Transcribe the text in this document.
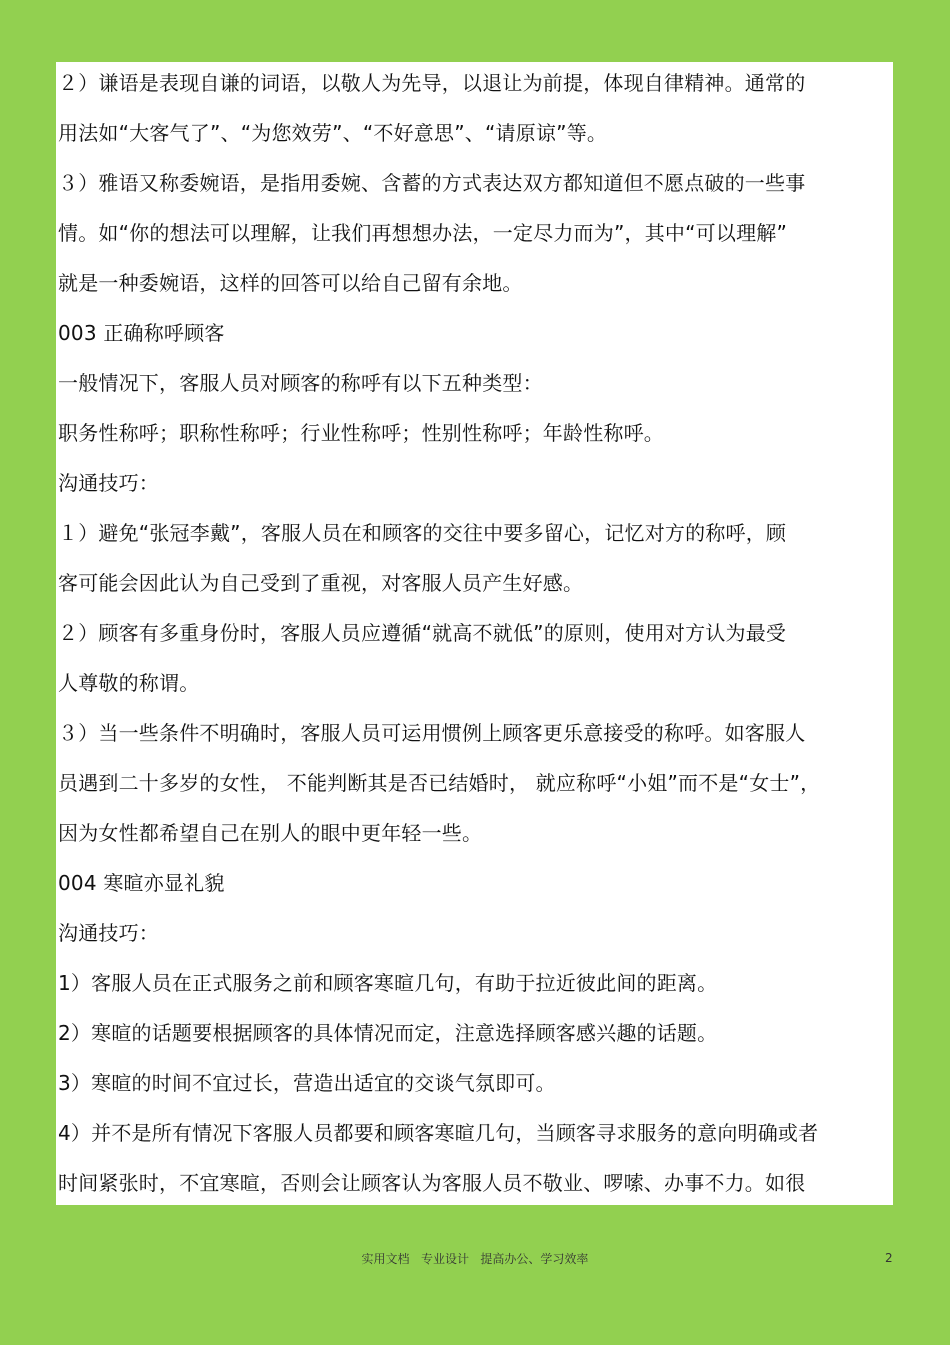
２）谦语是表现自谦的词语，以敬人为先导，以退让为前提，体现自律精神。通常的
用法如“大客气了”、“为您效劳”、“不好意思”、“请原谅”等。
３）雅语又称委婉语，是指用委婉、含蓄的方式表达双方都知道但不愿点破的一些事
情。如“你的想法可以理解，让我们再想想办法，一定尽力而为”，其中“可以理解”
就是一种委婉语，这样的回答可以给自己留有余地。
003 正确称呼顾客
一般情况下，客服人员对顾客的称呼有以下五种类型：
职务性称呼；职称性称呼；行业性称呼；性别性称呼；年龄性称呼。
沟通技巧：
１）避免“张冠李戴”，客服人员在和顾客的交往中要多留心，记忆对方的称呼，顾
客可能会因此认为自己受到了重视，对客服人员产生好感。
２）顾客有多重身份时，客服人员应遵循“就高不就低”的原则，使用对方认为最受
人尊敬的称谓。
３）当一些条件不明确时，客服人员可运用惯例上顾客更乐意接受的称呼。如客服人
员遇到二十多岁的女性， 不能判断其是否已结婚时， 就应称呼“小姐”而不是“女士”，
因为女性都希望自己在别人的眼中更年轻一些。
004 寒暄亦显礼貌
沟通技巧：
1）客服人员在正式服务之前和顾客寒暄几句，有助于拉近彼此间的距离。
2）寒暄的话题要根据顾客的具体情况而定，注意选择顾客感兴趣的话题。
3）寒暄的时间不宜过长，营造出适宜的交谈气氛即可。
4）并不是所有情况下客服人员都要和顾客寒暄几句，当顾客寻求服务的意向明确或者
时间紧张时，不宜寒暄，否则会让顾客认为客服人员不敬业、啰嗦、办事不力。如很
实用文档   专业设计   提高办公、学习效率	2
